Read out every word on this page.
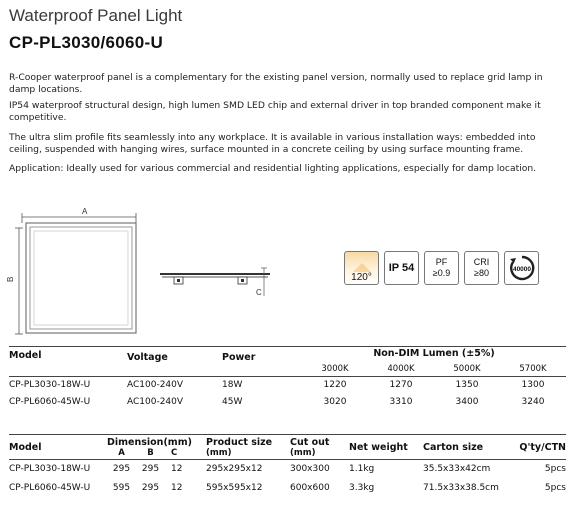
Waterproof Panel Light
CP-PL3030/6060-U

R-Cooper waterproof panel is a complementary for the existing panel version, normally used to replace grid lamp in damp locations.

IP54 waterproof structural design, high lumen SMD LED chip and external driver in top branded component make it competitive.

The ultra slim profile fits seamlessly into any workplace. It is available in various installation ways: embedded into ceiling, suspended with hanging wires, surface mounted in a concrete ceiling by using surface mounting frame.

Application: Ideally used for various commercial and residential lighting applications, especially for damp location.

A
B
C
120°
IP 54 PF
≥0.9
CRI
≥80	40000
Model	Voltage	Power	Non-DIM Lumen (±5%)			
			3000K	4000K	5000K	5700K
CP-PL3030-18W-U	AC100-240V	18W	1220	1270	1350	1300
CP-PL6060-45W-U	AC100-240V	45W	3020	3310	3400	3240
Model	Dimension(mm)			Product size	Cut out	Net weight	Carton size	Q'ty/CTN
	A	B	C	(mm)	(mm)			
CP-PL3030-18W-U	295	295	12	295x295x12	300x300	1.1kg	35.5x33x42cm	5pcs
CP-PL6060-45W-U	595	295	12	595x595x12	600x600	3.3kg	71.5x33x38.5cm	5pcs
